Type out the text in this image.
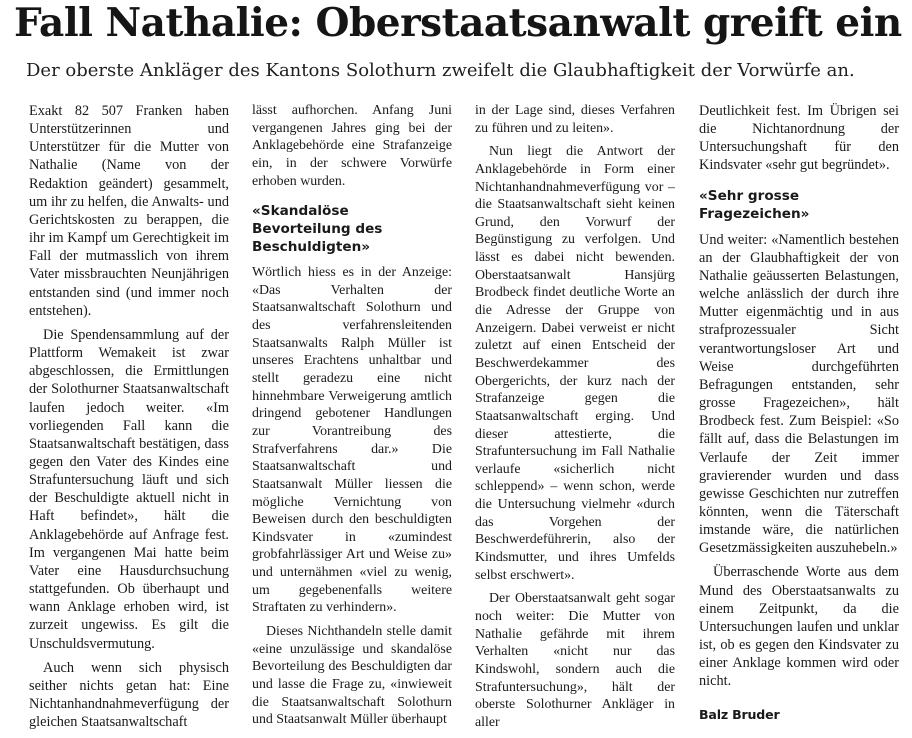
Fall Nathalie: Oberstaatsanwalt greift ein
Der oberste Ankläger des Kantons Solothurn zweifelt die Glaubhaftigkeit der Vorwürfe an.

Exakt 82 507 Franken haben Unterstützerinnen und Unterstützer für die Mutter von Nathalie (Name von der Redaktion geändert) gesammelt, um ihr zu helfen, die Anwalts- und Gerichtskosten zu berappen, die ihr im Kampf um Gerechtigkeit im Fall der mutmasslich von ihrem Vater missbrauchten Neunjährigen entstanden sind (und immer noch entstehen).

Die Spendensammlung auf der Plattform Wemakeit ist zwar abgeschlossen, die Ermittlungen der Solothurner Staatsanwaltschaft laufen jedoch weiter. «Im vorliegenden Fall kann die Staatsanwaltschaft bestätigen, dass gegen den Vater des Kindes eine Strafuntersuchung läuft und sich der Beschuldigte aktuell nicht in Haft befindet», hält die Anklagebehörde auf Anfrage fest. Im vergangenen Mai hatte beim Vater eine Hausdurchsuchung stattgefunden. Ob überhaupt und wann Anklage erhoben wird, ist zurzeit ungewiss. Es gilt die Unschuldsvermutung.

Auch wenn sich physisch seither nichts getan hat: Eine Nichtanhandnahmeverfügung der gleichen Staatsanwaltschaft

lässt aufhorchen. Anfang Juni vergangenen Jahres ging bei der Anklagebehörde eine Strafanzeige ein, in der schwere Vorwürfe erhoben wurden.

«Skandalöse Bevorteilung des Beschuldigten»

Wörtlich hiess es in der Anzeige: «Das Verhalten der Staatsanwaltschaft Solothurn und des verfahrensleitenden Staatsanwalts Ralph Müller ist unseres Erachtens unhaltbar und stellt geradezu eine nicht hinnehmbare Verweigerung amtlich dringend gebotener Handlungen zur Vorantreibung des Strafverfahrens dar.» Die Staatsanwaltschaft und Staatsanwalt Müller liessen die mögliche Vernichtung von Beweisen durch den beschuldigten Kindsvater in «zumindest grobfahrlässiger Art und Weise zu» und unternähmen «viel zu wenig, um gegebenenfalls weitere Straftaten zu verhindern».

Dieses Nichthandeln stelle damit «eine unzulässige und skandalöse Bevorteilung des Beschuldigten dar und lasse die Frage zu, «inwieweit die Staatsanwaltschaft Solothurn und Staatsanwalt Müller überhaupt

in der Lage sind, dieses Verfahren zu führen und zu leiten».

Nun liegt die Antwort der Anklagebehörde in Form einer Nichtanhandnahmeverfügung vor – die Staatsanwaltschaft sieht keinen Grund, den Vorwurf der Begünstigung zu verfolgen. Und lässt es dabei nicht bewenden. Oberstaatsanwalt Hansjürg Brodbeck findet deutliche Worte an die Adresse der Gruppe von Anzeigern. Dabei verweist er nicht zuletzt auf einen Entscheid der Beschwerdekammer des Obergerichts, der kurz nach der Strafanzeige gegen die Staatsanwaltschaft erging. Und dieser attestierte, die Strafuntersuchung im Fall Nathalie verlaufe «sicherlich nicht schleppend» – wenn schon, werde die Untersuchung vielmehr «durch das Vorgehen der Beschwerdeführerin, also der Kindsmutter, und ihres Umfelds selbst erschwert».

Der Oberstaatsanwalt geht sogar noch weiter: Die Mutter von Nathalie gefährde mit ihrem Verhalten «nicht nur das Kindswohl, sondern auch die Strafuntersuchung», hält der oberste Solothurner Ankläger in aller

Deutlichkeit fest. Im Übrigen sei die Nichtanordnung der Untersuchungshaft für den Kindsvater «sehr gut begründet».

«Sehr grosse Fragezeichen»

Und weiter: «Namentlich bestehen an der Glaubhaftigkeit der von Nathalie geäusserten Belastungen, welche anlässlich der durch ihre Mutter eigenmächtig und in aus strafprozessualer Sicht verantwortungsloser Art und Weise durchgeführten Befragungen entstanden, sehr grosse Fragezeichen», hält Brodbeck fest. Zum Beispiel: «So fällt auf, dass die Belastungen im Verlaufe der Zeit immer gravierender wurden und dass gewisse Geschichten nur zutreffen könnten, wenn die Täterschaft imstande wäre, die natürlichen Gesetzmässigkeiten auszuhebeln.»

Überraschende Worte aus dem Mund des Oberstaatsanwalts zu einem Zeitpunkt, da die Untersuchungen laufen und unklar ist, ob es gegen den Kindsvater zu einer Anklage kommen wird oder nicht.

Balz Bruder
